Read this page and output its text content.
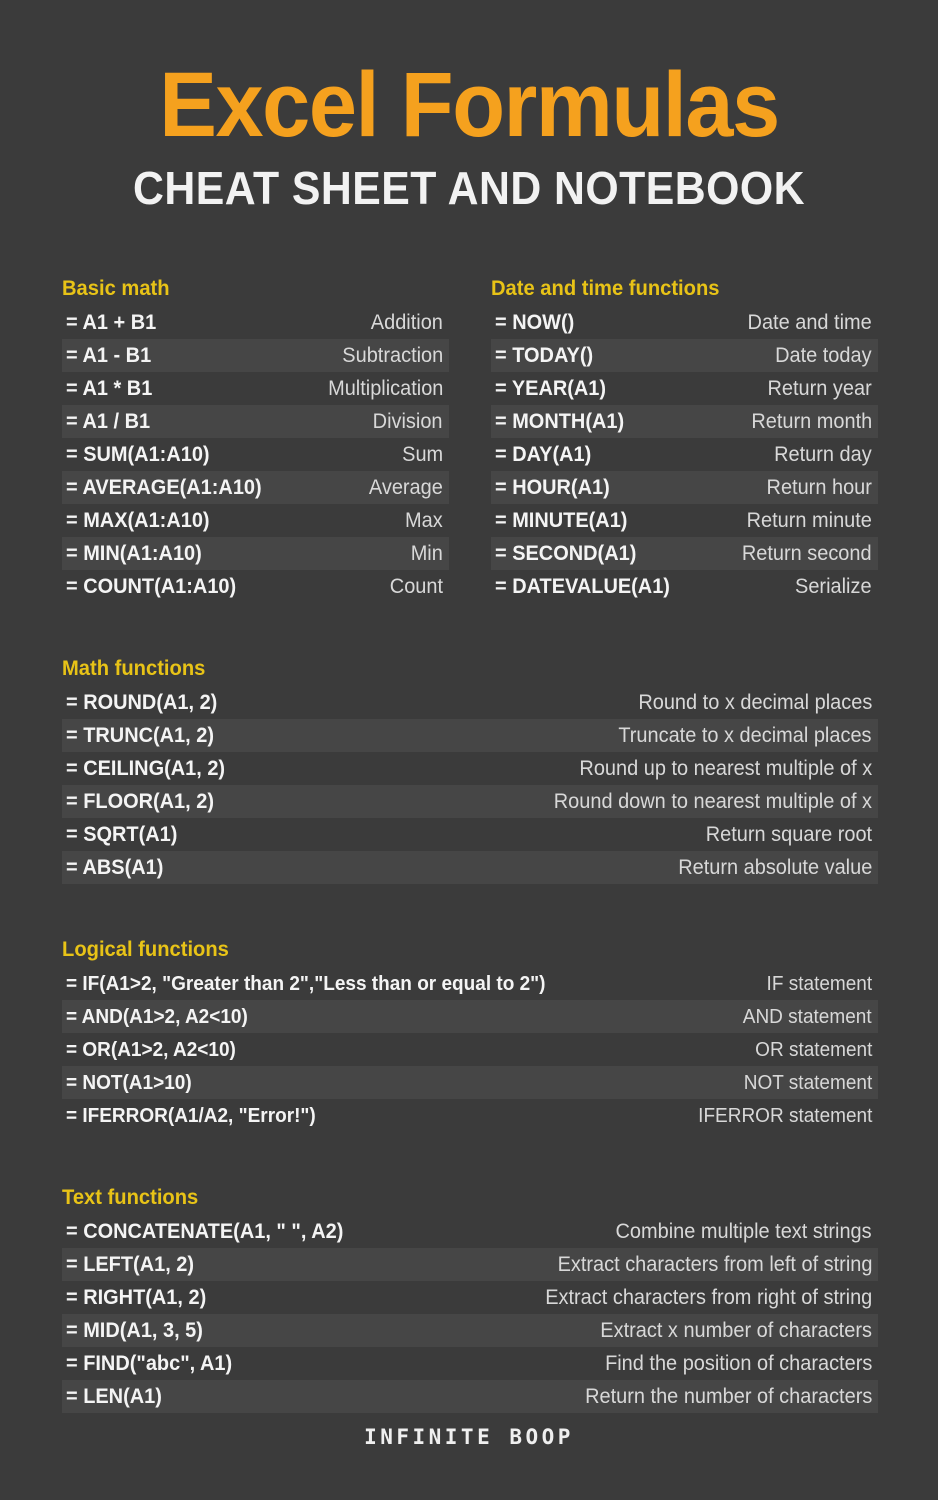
Excel Formulas
CHEAT SHEET AND NOTEBOOK
Basic math
= A1 + B1	Addition
= A1 - B1	Subtraction
= A1 * B1	Multiplication
= A1 / B1	Division
= SUM(A1:A10)	Sum
= AVERAGE(A1:A10)	Average
= MAX(A1:A10)	Max
= MIN(A1:A10)	Min
= COUNT(A1:A10)	Count
Date and time functions
= NOW()	Date and time
= TODAY()	Date today
= YEAR(A1)	Return year
= MONTH(A1)	Return month
= DAY(A1)	Return day
= HOUR(A1)	Return hour
= MINUTE(A1)	Return minute
= SECOND(A1)	Return second
= DATEVALUE(A1)	Serialize
Math functions
= ROUND(A1, 2)	Round to x decimal places
= TRUNC(A1, 2)	Truncate to x decimal places
= CEILING(A1, 2)	Round up to nearest multiple of x
= FLOOR(A1, 2)	Round down to nearest multiple of x
= SQRT(A1)	Return square root
= ABS(A1)	Return absolute value
Logical functions
= IF(A1>2, "Greater than 2","Less than or equal to 2")	IF statement
= AND(A1>2, A2<10)	AND statement
= OR(A1>2, A2<10)	OR statement
= NOT(A1>10)	NOT statement
= IFERROR(A1/A2, "Error!")	IFERROR statement
Text functions
= CONCATENATE(A1, " ", A2)	Combine multiple text strings
= LEFT(A1, 2)	Extract characters from left of string
= RIGHT(A1, 2)	Extract characters from right of string
= MID(A1, 3, 5)	Extract x number of characters
= FIND("abc", A1)	Find the position of characters
= LEN(A1)	Return the number of characters
INFINITE BOOP
